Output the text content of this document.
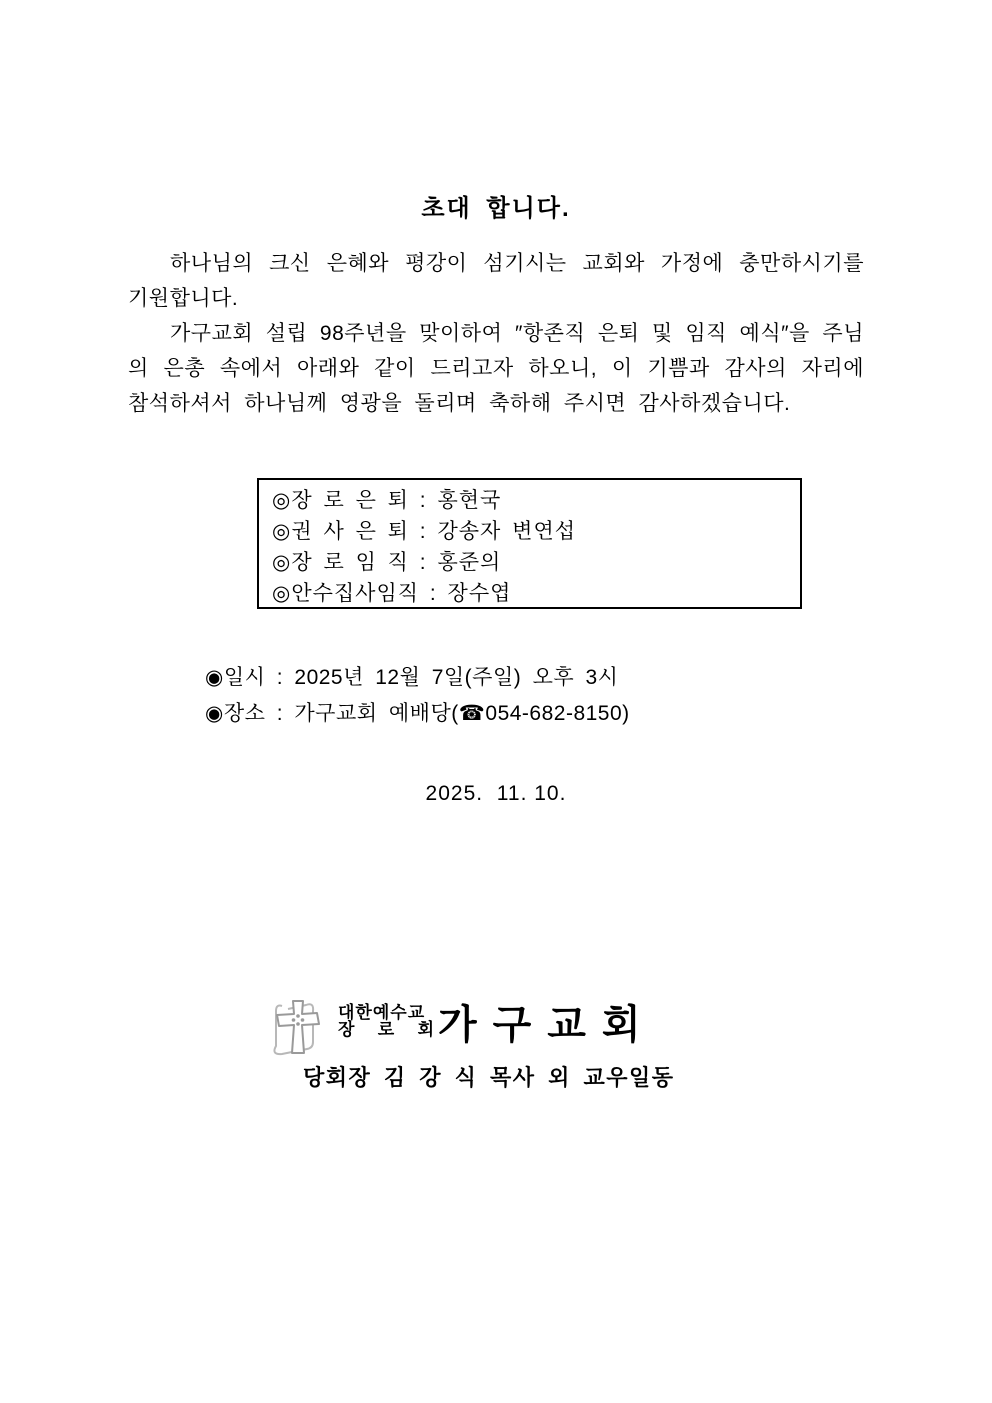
초대 합니다.

하나님의 크신 은혜와 평강이 섬기시는 교회와 가정에 충만하시기를 기원합니다.

가구교회 설립 98주년을 맞이하여 ″항존직 은퇴 및 임직 예식″을 주님의 은총 속에서 아래와 같이 드리고자 하오니, 이 기쁨과 감사의 자리에 참석하셔서 하나님께 영광을 돌리며 축하해 주시면 감사하겠습니다.

◎장 로 은 퇴 : 홍현국
◎권 사 은 퇴 : 강송자 변연섭
◎장 로 임 직 : 홍준의
◎안수집사임직 : 장수엽
◉일시 : 2025년 12월 7일(주일) 오후 3시
◉장소 : 가구교회 예배당(☎054-682-8150)
2025.  11. 10.
대한예수교
장 로 회 가 구 교 회
당회장 김 강 식 목사 외 교우일동
